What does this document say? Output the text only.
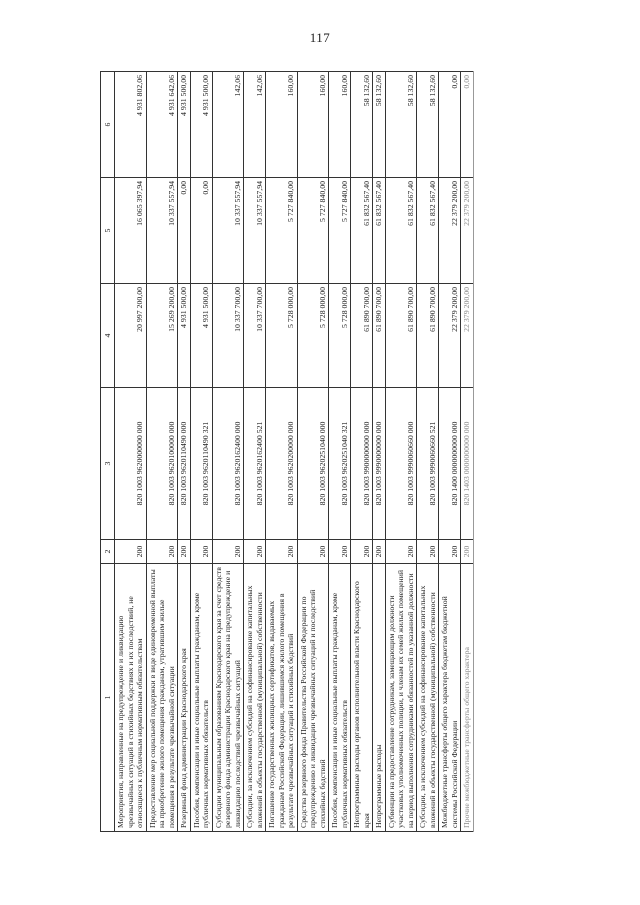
117
1	2	3	4	5	6
Мероприятия, направленные на предупреждение и ликвидацию чрезвычайных ситуаций в стихийных бедствиях и их последствий, не относящиеся к публичным нормативным обязательствам	200	820 1003 9620000000 000	20 997 200,00	16 065 397,94	4 931 802,06
Предоставление мер социальной поддержки в виде единовременной выплаты на приобретение жилого помещения гражданам, утратившим жилые помещения в результате чрезвычайной ситуации	200	820 1003 9620100000 000	15 269 200,00	10 337 557,94	4 931 642,06
Резервный фонд администрации Краснодарского края	200	820 1003 9620110490 000	4 931 500,00	0,00	4 931 500,00
Пособия, компенсации и иные социальные выплаты гражданам, кроме публичных нормативных обязательств	200	820 1003 9620110490 321	4 931 500,00	0,00	4 931 500,00
Субсидии муниципальным образованиям Краснодарского края за счет средств резервного фонда администрации Краснодарского края на предупреждение и ликвидацию последствий чрезвычайных ситуаций	200	820 1003 9620162400 000	10 337 700,00	10 337 557,94	142,06
Субсидии, за исключением субсидий на софинансирование капитальных вложений в объекты государственной (муниципальной) собственности	200	820 1003 9620162400 521	10 337 700,00	10 337 557,94	142,06
Погашение государственных жилищных сертификатов, выдаваемых гражданам Российской Федерации, лишившимся жилого помещения в результате чрезвычайных ситуаций и стихийных бедствий	200	820 1003 9620200000 000	5 728 000,00	5 727 840,00	160,00
Средства резервного фонда Правительства Российской Федерации по предупреждению и ликвидации чрезвычайных ситуаций и последствий стихийных бедствий	200	820 1003 9620251040 000	5 728 000,00	5 727 840,00	160,00
Пособия, компенсации и иные социальные выплаты гражданам, кроме публичных нормативных обязательств	200	820 1003 9620251040 321	5 728 000,00	5 727 840,00	160,00
Непрограммные расходы органов исполнительной власти Краснодарского края	200	820 1003 9900000000 000	61 890 700,00	61 832 567,40	58 132,60
Непрограммные расходы	200	820 1003 9990000000 000	61 890 700,00	61 832 567,40	58 132,60
Субвенции на предоставление сотрудникам, замещающим должности участковых уполномоченных полиции, и членам их семей жилых помещений на период выполнения сотрудниками обязанностей по указанной должности	200	820 1003 9990060660 000	61 890 700,00	61 832 567,40	58 132,60
Субсидии, за исключением субсидий на софинансирование капитальных вложений в объекты государственной (муниципальной) собственности	200	820 1003 9990060660 521	61 890 700,00	61 832 567,40	58 132,60
Межбюджетные трансферты общего характера бюджетам бюджетной системы Российской Федерации	200	820 1400 0000000000 000	22 379 200,00	22 379 200,00	0,00
Прочие межбюджетные трансферты общего характера	200	820 1403 0000000000 000	22 379 200,00	22 379 200,00	0,00
